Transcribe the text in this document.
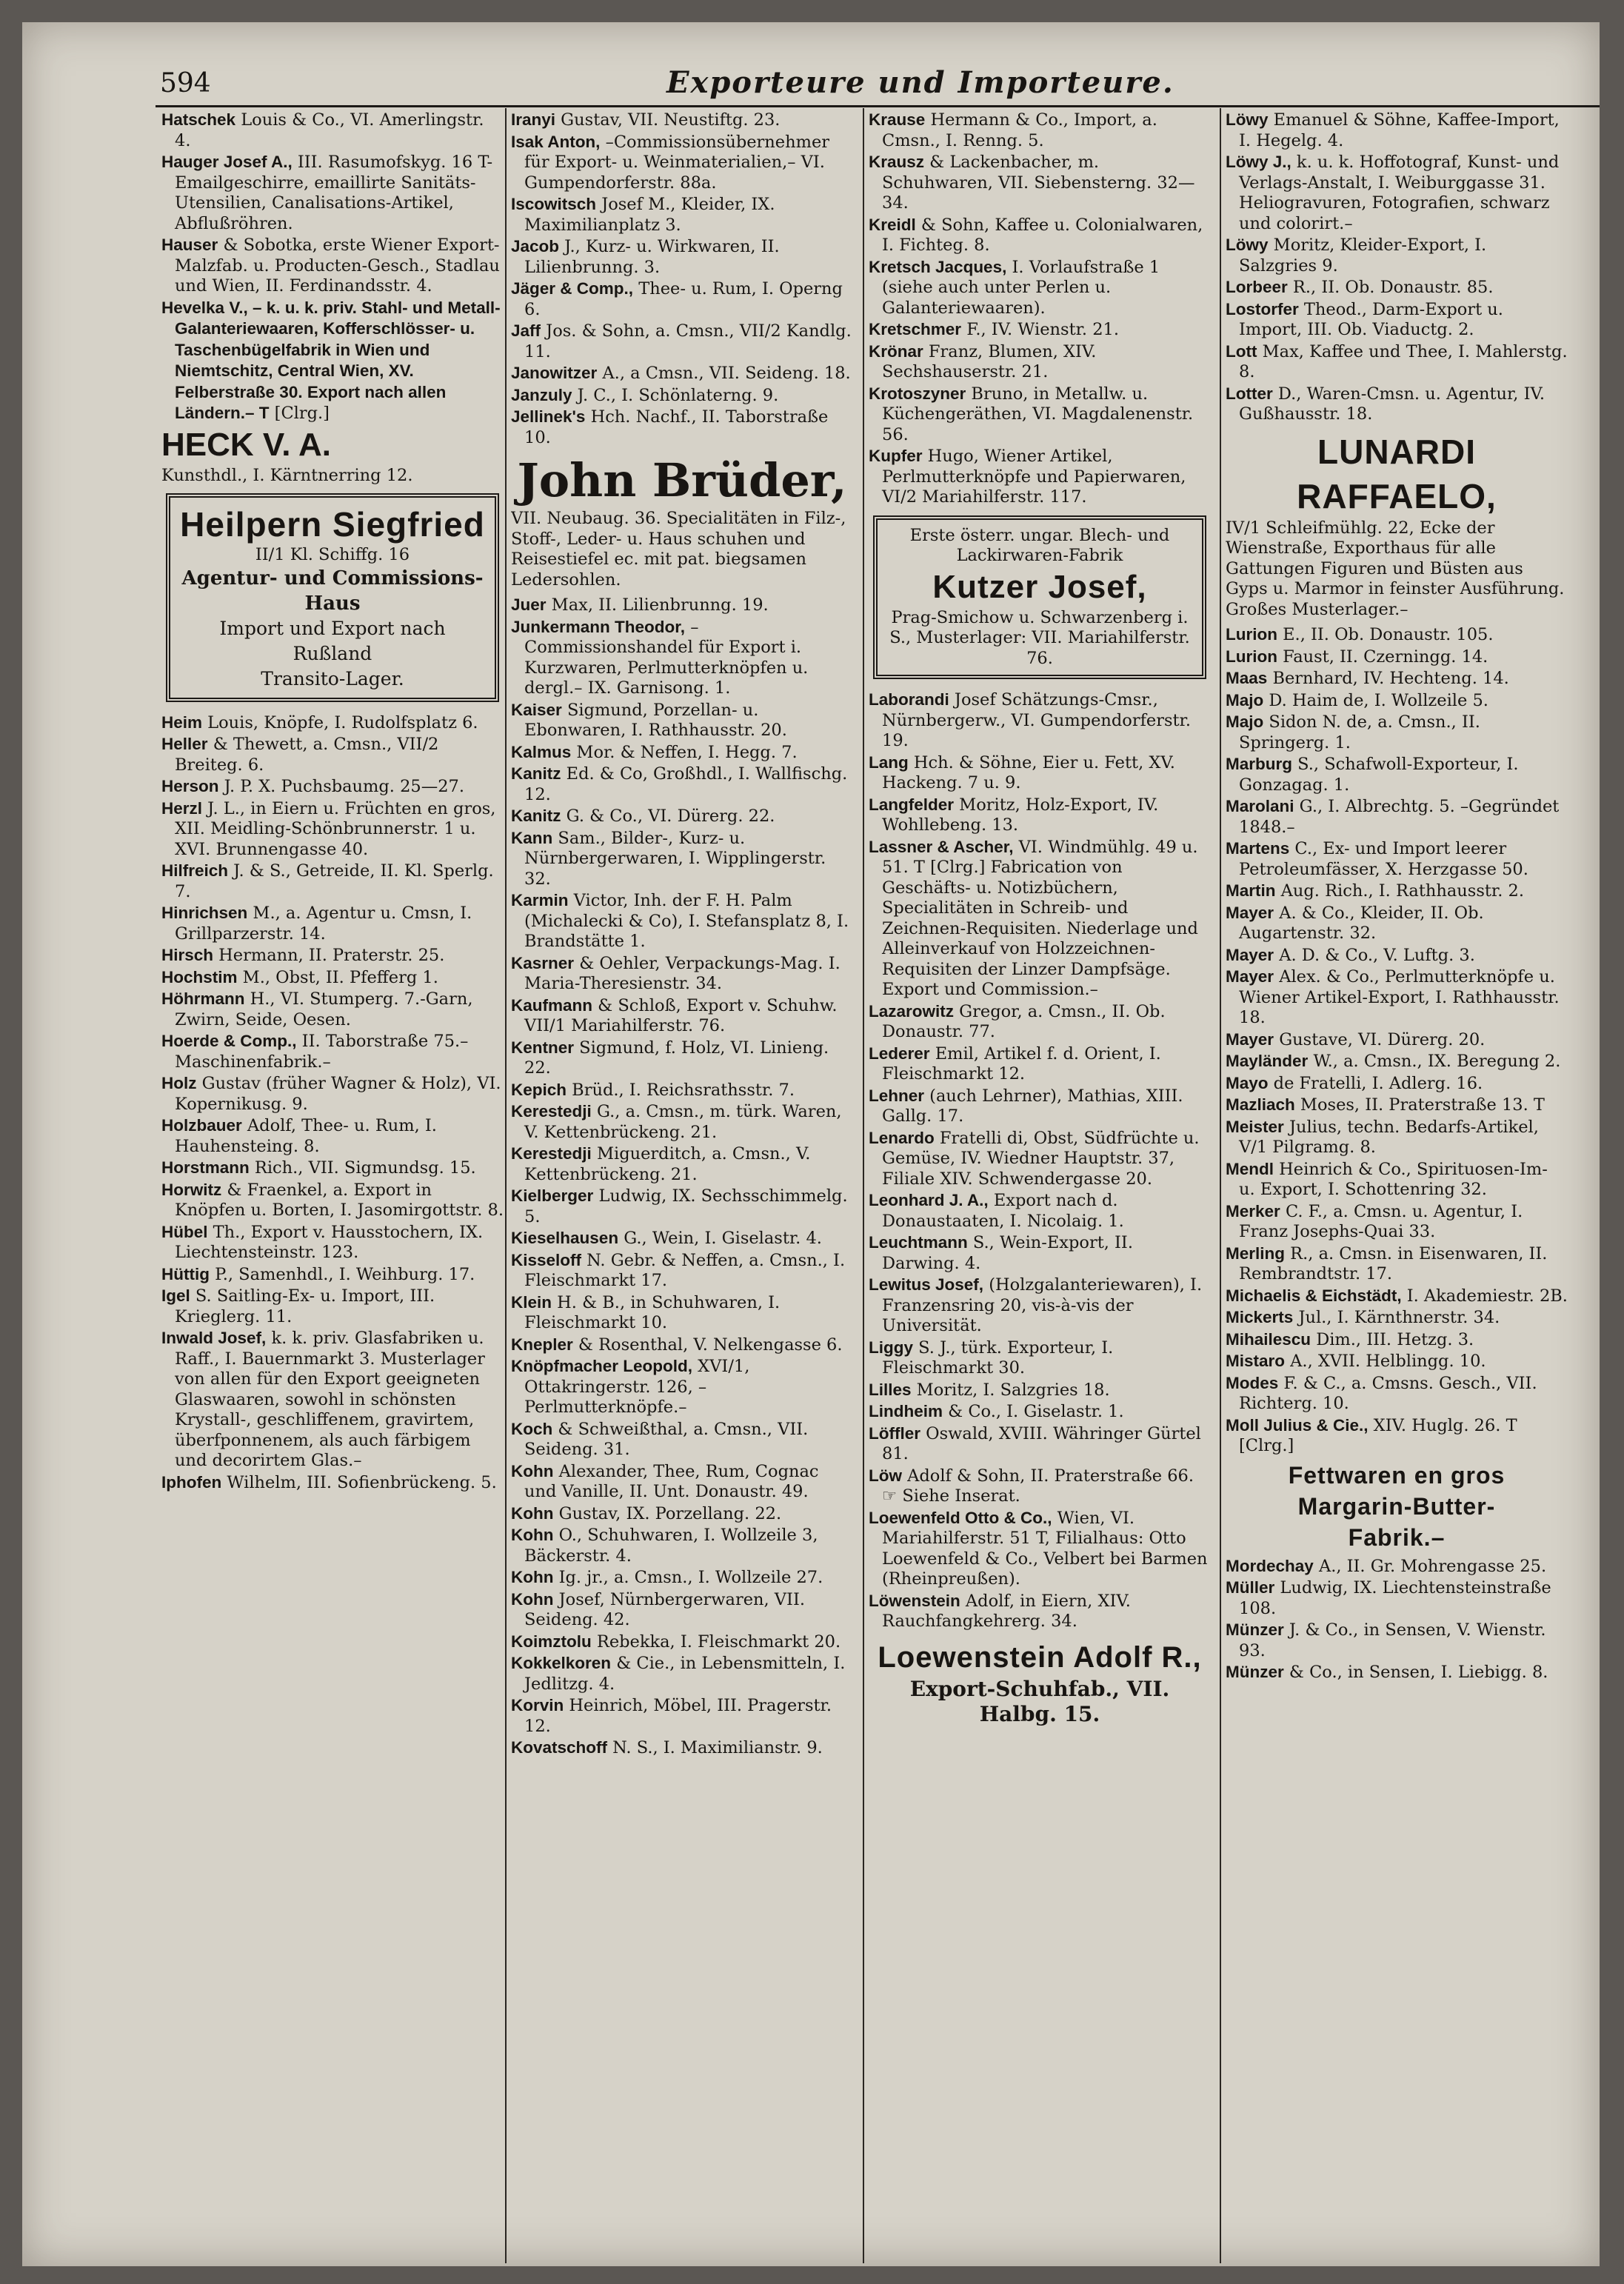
594	Exporteure und Importeure.
Hatschek Louis & Co., VI. Amerlingstr. 4.
Hauger Josef A., III. Rasumofskyg. 16 T-Emailgeschirre, emaillirte Sanitäts-Utensilien, Canalisations-Artikel, Abflußröhren.
Hauser & Sobotka, erste Wiener Export-Malzfab. u. Producten-Gesch., Stadlau und Wien, II. Ferdinandsstr. 4.
Hevelka V., – k. u. k. priv. Stahl- und Metall-Galanteriewaaren, Kofferschlösser- u. Taschenbügelfabrik in Wien und Niemtschitz, Central Wien, XV. Felberstraße 30. Export nach allen Ländern.– T [Clrg.]
HECK V. A.
Kunsthdl., I. Kärntnerring 12.
Heilpern Siegfried
II/1 Kl. Schiffg. 16
Agentur- und Commissions-Haus
Import und Export nach Rußland
Transito-Lager.
Heim Louis, Knöpfe, I. Rudolfsplatz 6.
Heller & Thewett, a. Cmsn., VII/2 Breiteg. 6.
Herson J. P. X. Puchsbaumg. 25—27.
Herzl J. L., in Eiern u. Früchten en gros, XII. Meidling-Schönbrunnerstr. 1 u. XVI. Brunnengasse 40.
Hilfreich J. & S., Getreide, II. Kl. Sperlg. 7.
Hinrichsen M., a. Agentur u. Cmsn, I. Grillparzerstr. 14.
Hirsch Hermann, II. Praterstr. 25.
Hochstim M., Obst, II. Pfefferg 1.
Höhrmann H., VI. Stumperg. 7.-Garn, Zwirn, Seide, Oesen.
Hoerde & Comp., II. Taborstraße 75.–Maschinenfabrik.–
Holz Gustav (früher Wagner & Holz), VI. Kopernikusg. 9.
Holzbauer Adolf, Thee- u. Rum, I. Hauhensteing. 8.
Horstmann Rich., VII. Sigmundsg. 15.
Horwitz & Fraenkel, a. Export in Knöpfen u. Borten, I. Jasomirgottstr. 8.
Hübel Th., Export v. Hausstochern, IX. Liechtensteinstr. 123.
Hüttig P., Samenhdl., I. Weihburg. 17.
Igel S. Saitling-Ex- u. Import, III. Krieglerg. 11.
Inwald Josef, k. k. priv. Glasfabriken u. Raff., I. Bauernmarkt 3. Musterlager von allen für den Export geeigneten Glaswaaren, sowohl in schönsten Krystall-, geschliffenem, gravirtem, überfponnenem, als auch färbigem und decorirtem Glas.–
Iphofen Wilhelm, III. Sofienbrückeng. 5.
Iranyi Gustav, VII. Neustiftg. 23.
Isak Anton, –Commissionsübernehmer für Export- u. Weinmaterialien,– VI. Gumpendorferstr. 88a.
Iscowitsch Josef M., Kleider, IX. Maximilianplatz 3.
Jacob J., Kurz- u. Wirkwaren, II. Lilienbrunng. 3.
Jäger & Comp., Thee- u. Rum, I. Operng 6.
Jaff Jos. & Sohn, a. Cmsn., VII/2 Kandlg. 11.
Janowitzer A., a Cmsn., VII. Seideng. 18.
Janzuly J. C., I. Schönlaterng. 9.
Jellinek's Hch. Nachf., II. Taborstraße 10.
John Brüder,
VII. Neubaug. 36. Specialitäten in Filz-, Stoff-, Leder- u. Haus schuhen und Reisestiefel ec. mit pat. biegsamen Ledersohlen.
Juer Max, II. Lilienbrunng. 19.
Junkermann Theodor, –Commissionshandel für Export i. Kurzwaren, Perlmutterknöpfen u. dergl.– IX. Garnisong. 1.
Kaiser Sigmund, Porzellan- u. Ebonwaren, I. Rathhausstr. 20.
Kalmus Mor. & Neffen, I. Hegg. 7.
Kanitz Ed. & Co, Großhdl., I. Wallfischg. 12.
Kanitz G. & Co., VI. Dürerg. 22.
Kann Sam., Bilder-, Kurz- u. Nürnbergerwaren, I. Wipplingerstr. 32.
Karmin Victor, Inh. der F. H. Palm (Michalecki & Co), I. Stefansplatz 8, I. Brandstätte 1.
Kasrner & Oehler, Verpackungs-Mag. I. Maria-Theresienstr. 34.
Kaufmann & Schloß, Export v. Schuhw. VII/1 Mariahilferstr. 76.
Kentner Sigmund, f. Holz, VI. Linieng. 22.
Kepich Brüd., I. Reichsrathsstr. 7.
Kerestedji G., a. Cmsn., m. türk. Waren, V. Kettenbrückeng. 21.
Kerestedji Miguerditch, a. Cmsn., V. Kettenbrückeng. 21.
Kielberger Ludwig, IX. Sechsschimmelg. 5.
Kieselhausen G., Wein, I. Giselastr. 4.
Kisseloff N. Gebr. & Neffen, a. Cmsn., I. Fleischmarkt 17.
Klein H. & B., in Schuhwaren, I. Fleischmarkt 10.
Knepler & Rosenthal, V. Nelkengasse 6.
Knöpfmacher Leopold, XVI/1, Ottakringerstr. 126, –Perlmutterknöpfe.–
Koch & Schweißthal, a. Cmsn., VII. Seideng. 31.
Kohn Alexander, Thee, Rum, Cognac und Vanille, II. Unt. Donaustr. 49.
Kohn Gustav, IX. Porzellang. 22.
Kohn O., Schuhwaren, I. Wollzeile 3, Bäckerstr. 4.
Kohn Ig. jr., a. Cmsn., I. Wollzeile 27.
Kohn Josef, Nürnbergerwaren, VII. Seideng. 42.
Koimztolu Rebekka, I. Fleischmarkt 20.
Kokkelkoren & Cie., in Lebensmitteln, I. Jedlitzg. 4.
Korvin Heinrich, Möbel, III. Pragerstr. 12.
Kovatschoff N. S., I. Maximilianstr. 9.
Krause Hermann & Co., Import, a. Cmsn., I. Renng. 5.
Krausz & Lackenbacher, m. Schuhwaren, VII. Siebensterng. 32—34.
Kreidl & Sohn, Kaffee u. Colonialwaren, I. Fichteg. 8.
Kretsch Jacques, I. Vorlaufstraße 1 (siehe auch unter Perlen u. Galanteriewaaren).
Kretschmer F., IV. Wienstr. 21.
Krönar Franz, Blumen, XIV. Sechshauserstr. 21.
Krotoszyner Bruno, in Metallw. u. Küchengeräthen, VI. Magdalenenstr. 56.
Kupfer Hugo, Wiener Artikel, Perlmutterknöpfe und Papierwaren, VI/2 Mariahilferstr. 117.
Erste österr. ungar. Blech- und Lackirwaren-Fabrik
Kutzer Josef,
Prag-Smichow u. Schwarzenberg i. S., Musterlager: VII. Mariahilferstr. 76.
Laborandi Josef Schätzungs-Cmsr., Nürnbergerw., VI. Gumpendorferstr. 19.
Lang Hch. & Söhne, Eier u. Fett, XV. Hackeng. 7 u. 9.
Langfelder Moritz, Holz-Export, IV. Wohllebeng. 13.
Lassner & Ascher, VI. Windmühlg. 49 u. 51. T [Clrg.] Fabrication von Geschäfts- u. Notizbüchern, Specialitäten in Schreib- und Zeichnen-Requisiten. Niederlage und Alleinverkauf von Holzzeichnen-Requisiten der Linzer Dampfsäge. Export und Commission.–
Lazarowitz Gregor, a. Cmsn., II. Ob. Donaustr. 77.
Lederer Emil, Artikel f. d. Orient, I. Fleischmarkt 12.
Lehner (auch Lehrner), Mathias, XIII. Gallg. 17.
Lenardo Fratelli di, Obst, Südfrüchte u. Gemüse, IV. Wiedner Hauptstr. 37, Filiale XIV. Schwendergasse 20.
Leonhard J. A., Export nach d. Donaustaaten, I. Nicolaig. 1.
Leuchtmann S., Wein-Export, II. Darwing. 4.
Lewitus Josef, (Holzgalanteriewaren), I. Franzensring 20, vis-à-vis der Universität.
Liggy S. J., türk. Exporteur, I. Fleischmarkt 30.
Lilles Moritz, I. Salzgries 18.
Lindheim & Co., I. Giselastr. 1.
Löffler Oswald, XVIII. Währinger Gürtel 81.
Löw Adolf & Sohn, II. Praterstraße 66. ☞ Siehe Inserat.
Loewenfeld Otto & Co., Wien, VI. Mariahilferstr. 51 T, Filialhaus: Otto Loewenfeld & Co., Velbert bei Barmen (Rheinpreußen).
Löwenstein Adolf, in Eiern, XIV. Rauchfangkehrerg. 34.
Loewenstein Adolf R.,
Export-Schuhfab., VII. Halbg. 15.
Löwy Emanuel & Söhne, Kaffee-Import, I. Hegelg. 4.
Löwy J., k. u. k. Hoffotograf, Kunst- und Verlags-Anstalt, I. Weiburggasse 31. Heliogravuren, Fotografien, schwarz und colorirt.–
Löwy Moritz, Kleider-Export, I. Salzgries 9.
Lorbeer R., II. Ob. Donaustr. 85.
Lostorfer Theod., Darm-Export u. Import, III. Ob. Viaductg. 2.
Lott Max, Kaffee und Thee, I. Mahlerstg. 8.
Lotter D., Waren-Cmsn. u. Agentur, IV. Gußhausstr. 18.
LUNARDI RAFFAELO,
IV/1 Schleifmühlg. 22, Ecke der Wienstraße, Exporthaus für alle Gattungen Figuren und Büsten aus Gyps u. Marmor in feinster Ausführung. Großes Musterlager.–
Lurion E., II. Ob. Donaustr. 105.
Lurion Faust, II. Czerningg. 14.
Maas Bernhard, IV. Hechteng. 14.
Majo D. Haim de, I. Wollzeile 5.
Majo Sidon N. de, a. Cmsn., II. Springerg. 1.
Marburg S., Schafwoll-Exporteur, I. Gonzagag. 1.
Marolani G., I. Albrechtg. 5. –Gegründet 1848.–
Martens C., Ex- und Import leerer Petroleumfässer, X. Herzgasse 50.
Martin Aug. Rich., I. Rathhausstr. 2.
Mayer A. & Co., Kleider, II. Ob. Augartenstr. 32.
Mayer A. D. & Co., V. Luftg. 3.
Mayer Alex. & Co., Perlmutterknöpfe u. Wiener Artikel-Export, I. Rathhausstr. 18.
Mayer Gustave, VI. Dürerg. 20.
Mayländer W., a. Cmsn., IX. Beregung 2.
Mayo de Fratelli, I. Adlerg. 16.
Mazliach Moses, II. Praterstraße 13. T
Meister Julius, techn. Bedarfs-Artikel, V/1 Pilgramg. 8.
Mendl Heinrich & Co., Spirituosen-Im- u. Export, I. Schottenring 32.
Merker C. F., a. Cmsn. u. Agentur, I. Franz Josephs-Quai 33.
Merling R., a. Cmsn. in Eisenwaren, II. Rembrandtstr. 17.
Michaelis & Eichstädt, I. Akademiestr. 2B.
Mickerts Jul., I. Kärnthnerstr. 34.
Mihailescu Dim., III. Hetzg. 3.
Mistaro A., XVII. Helblingg. 10.
Modes F. & C., a. Cmsns. Gesch., VII. Richterg. 10.
Moll Julius & Cie., XIV. Huglg. 26. T [Clrg.]
Fettwaren en gros
Margarin-Butter-
Fabrik.–
Mordechay A., II. Gr. Mohrengasse 25.
Müller Ludwig, IX. Liechtensteinstraße 108.
Münzer J. & Co., in Sensen, V. Wienstr. 93.
Münzer & Co., in Sensen, I. Liebigg. 8.
